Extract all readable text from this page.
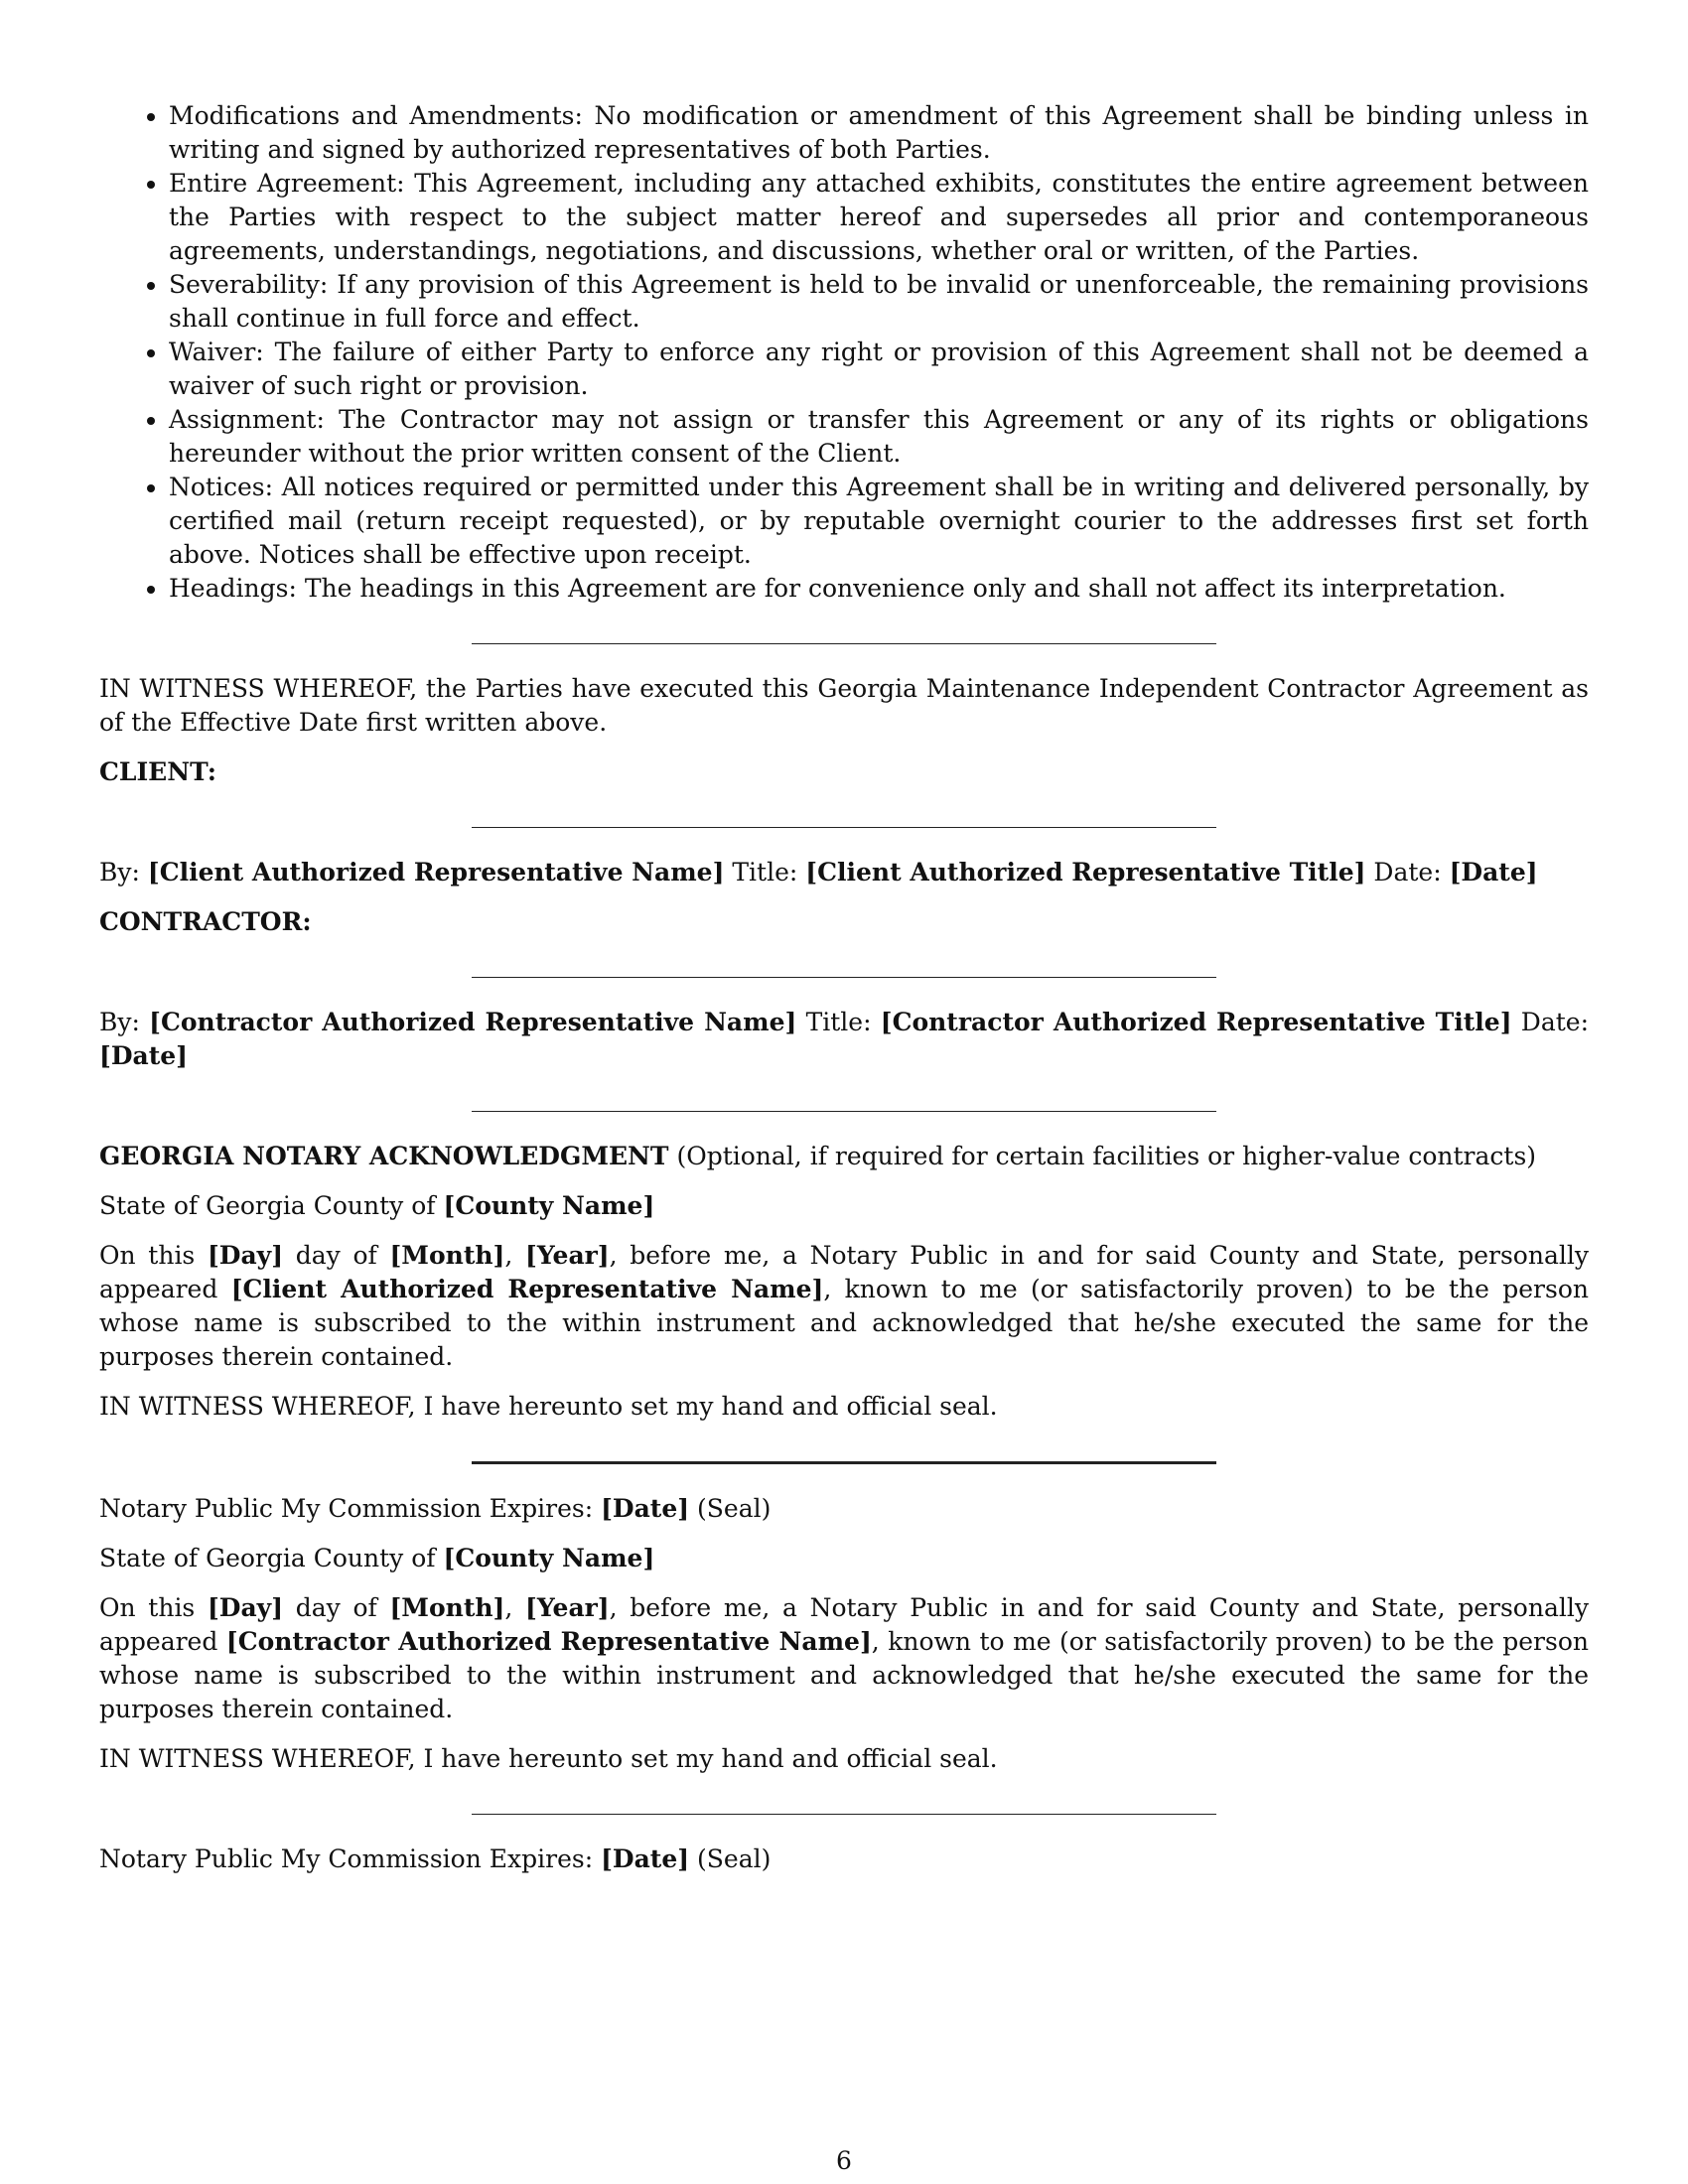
• Modifications and Amendments: No modification or amendment of this Agreement shall be binding unless in writing and signed by authorized representatives of both Parties.
• Entire Agreement: This Agreement, including any attached exhibits, constitutes the entire agreement between the Parties with respect to the subject matter hereof and supersedes all prior and contemporaneous agreements, understandings, negotiations, and discussions, whether oral or written, of the Parties.
• Severability: If any provision of this Agreement is held to be invalid or unenforceable, the remaining provisions shall continue in full force and effect.
• Waiver: The failure of either Party to enforce any right or provision of this Agreement shall not be deemed a waiver of such right or provision.
• Assignment: The Contractor may not assign or transfer this Agreement or any of its rights or obligations hereunder without the prior written consent of the Client.
• Notices: All notices required or permitted under this Agreement shall be in writing and delivered personally, by certified mail (return receipt requested), or by reputable overnight courier to the addresses first set forth above. Notices shall be effective upon receipt.
• Headings: The headings in this Agreement are for convenience only and shall not affect its interpretation.

IN WITNESS WHEREOF, the Parties have executed this Georgia Maintenance Independent Contractor Agreement as of the Effective Date first written above.

CLIENT:

By: [Client Authorized Representative Name] Title: [Client Authorized Representative Title] Date: [Date]

CONTRACTOR:

By: [Contractor Authorized Representative Name] Title: [Contractor Authorized Representative Title] Date: [Date]

GEORGIA NOTARY ACKNOWLEDGMENT (Optional, if required for certain facilities or higher-value contracts)

State of Georgia County of [County Name]

On this [Day] day of [Month], [Year], before me, a Notary Public in and for said County and State, personally appeared [Client Authorized Representative Name], known to me (or satisfactorily proven) to be the person whose name is subscribed to the within instrument and acknowledged that he/she executed the same for the purposes therein contained.

IN WITNESS WHEREOF, I have hereunto set my hand and official seal.

Notary Public My Commission Expires: [Date] (Seal)

State of Georgia County of [County Name]

On this [Day] day of [Month], [Year], before me, a Notary Public in and for said County and State, personally appeared [Contractor Authorized Representative Name], known to me (or satisfactorily proven) to be the person whose name is subscribed to the within instrument and acknowledged that he/she executed the same for the purposes therein contained.

IN WITNESS WHEREOF, I have hereunto set my hand and official seal.

Notary Public My Commission Expires: [Date] (Seal)

6
